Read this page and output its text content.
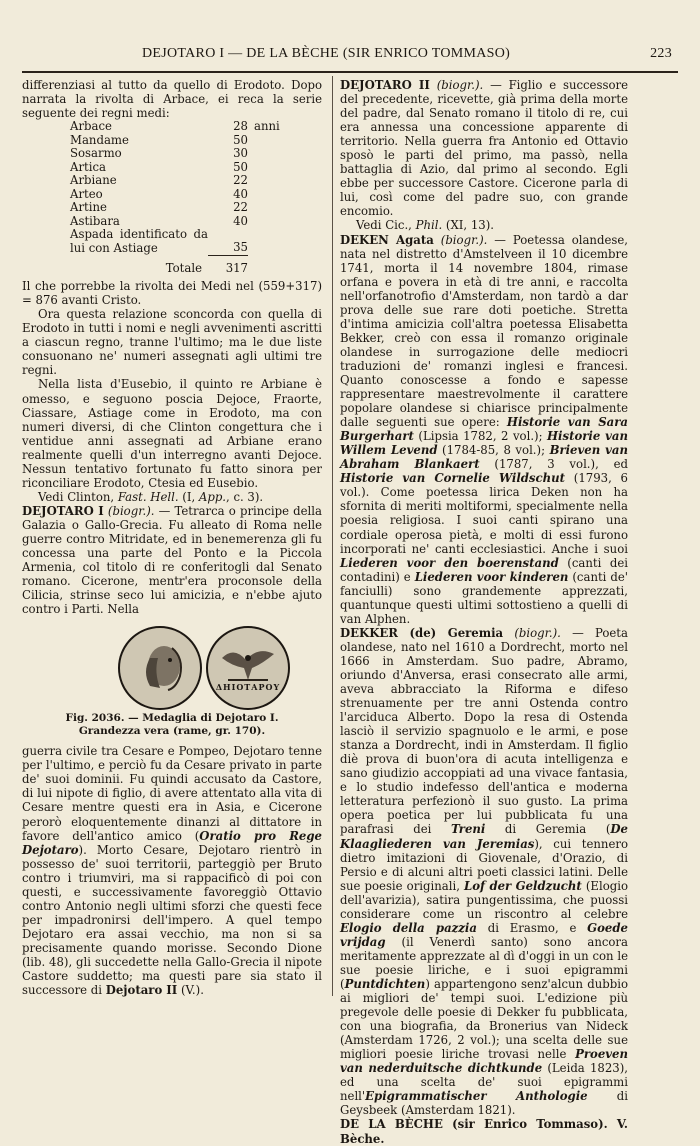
DEJOTARO I — DE LA BÈCHE (SIR ENRICO TOMMASO)	223

differenziasi al tutto da quello di Erodoto. Dopo narrata la rivolta di Arbace, ei reca la serie seguente dei regni medi:

Arbace	28	anni
Mandame	50	
Sosarmo	30	
Artica	50	
Arbiane	22	
Arteo	40	
Artine	22	
Astibara	40	
Aspada identificato da lui con Astiage	35	
Totale	317	

Il che porrebbe la rivolta dei Medi nel (559+317) = 876 avanti Cristo.

Ora questa relazione sconcorda con quella di Erodoto in tutti i nomi e negli avvenimenti ascritti a ciascun regno, tranne l'ultimo; ma le due liste consuonano ne' numeri assegnati agli ultimi tre regni.

Nella lista d'Eusebio, il quinto re Arbiane è omesso, e seguono poscia Dejoce, Fraorte, Ciassare, Astiage come in Erodoto, ma con numeri diversi, di che Clinton congettura che i ventidue anni assegnati ad Arbiane erano realmente quelli d'un interregno avanti Dejoce. Nessun tentativo fortunato fu fatto sinora per riconciliare Erodoto, Ctesia ed Eusebio.

Vedi Clinton, Fast. Hell. (I, App., c. 3).

DEJOTARO I (biogr.). — Tetrarca o principe della Galazia o Gallo-Grecia. Fu alleato di Roma nelle guerre contro Mitridate, ed in benemerenza gli fu concessa una parte del Ponto e la Piccola Armenia, col titolo di re conferitogli dal Senato romano. Cicerone, mentr'era proconsole della Cilicia, strinse seco lui amicizia, e n'ebbe ajuto contro i Parti. Nella

ΔΗΙΟΤΑΡΟΥ
Fig. 2036. — Medaglia di Dejotaro I.
Grandezza vera (rame, gr. 170).

guerra civile tra Cesare e Pompeo, Dejotaro tenne per l'ultimo, e perciò fu da Cesare privato in parte de' suoi dominii. Fu quindi accusato da Castore, di lui nipote di figlio, di avere attentato alla vita di Cesare mentre questi era in Asia, e Cicerone perorò eloquentemente dinanzi al dittatore in favore dell'antico amico (Oratio pro Rege Dejotaro). Morto Cesare, Dejotaro rientrò in possesso de' suoi territorii, parteggiò per Bruto contro i triumviri, ma si rappacificò di poi con questi, e successivamente favoreggiò Ottavio contro Antonio negli ultimi sforzi che questi fece per impadronirsi dell'impero. A quel tempo Dejotaro era assai vecchio, ma non si sa precisamente quando morisse. Secondo Dione (lib. 48), gli succedette nella Gallo-Grecia il nipote Castore suddetto; ma questi pare sia stato il successore di Dejotaro II (V.).

DEJOTARO II (biogr.). — Figlio e successore del precedente, ricevette, già prima della morte del padre, dal Senato romano il titolo di re, cui era annessa una concessione apparente di territorio. Nella guerra fra Antonio ed Ottavio sposò le parti del primo, ma passò, nella battaglia di Azio, dal primo al secondo. Egli ebbe per successore Castore. Cicerone parla di lui, così come del padre suo, con grande encomio.

Vedi Cic., Phil. (XI, 13).

DEKEN Agata (biogr.). — Poetessa olandese, nata nel distretto d'Amstelveen il 10 dicembre 1741, morta il 14 novembre 1804, rimase orfana e povera in età di tre anni, e raccolta nell'orfanotrofio d'Amsterdam, non tardò a dar prova delle sue rare doti poetiche. Stretta d'intima amicizia coll'altra poetessa Elisabetta Bekker, creò con essa il romanzo originale olandese in surrogazione delle mediocri traduzioni de' romanzi inglesi e francesi. Quanto conoscesse a fondo e sapesse rappresentare maestrevolmente il carattere popolare olandese si chiarisce principalmente dalle seguenti sue opere: Historie van Sara Burgerhart (Lipsia 1782, 2 vol.); Historie van Willem Levend (1784-85, 8 vol.); Brieven van Abraham Blankaert (1787, 3 vol.), ed Historie van Cornelie Wildschut (1793, 6 vol.). Come poetessa lirica Deken non ha sfornita di meriti moltiformi, specialmente nella poesia religiosa. I suoi canti spirano una cordiale operosa pietà, e molti di essi furono incorporati ne' canti ecclesiastici. Anche i suoi Liederen voor den boerenstand (canti dei contadini) e Liederen voor kinderen (canti de' fanciulli) sono grandemente apprezzati, quantunque questi ultimi sottostieno a quelli di van Alphen.

DEKKER (de) Geremia (biogr.). — Poeta olandese, nato nel 1610 a Dordrecht, morto nel 1666 in Amsterdam. Suo padre, Abramo, oriundo d'Anversa, erasi consecrato alle armi, aveva abbracciato la Riforma e difeso strenuamente per tre anni Ostenda contro l'arciduca Alberto. Dopo la resa di Ostenda lasciò il servizio spagnuolo e le armi, e pose stanza a Dordrecht, indi in Amsterdam. Il figlio diè prova di buon'ora di acuta intelligenza e sano giudizio accoppiati ad una vivace fantasia, e lo studio indefesso dell'antica e moderna letteratura perfezionò il suo gusto. La prima opera poetica per lui pubblicata fu una parafrasi dei Treni di Geremia (De Klaagliederen van Jeremias), cui tennero dietro imitazioni di Giovenale, d'Orazio, di Persio e di alcuni altri poeti classici latini. Delle sue poesie originali, Lof der Geldzucht (Elogio dell'avarizia), satira pungentissima, che puossi considerare come un riscontro al celebre Elogio della pazzia di Erasmo, e Goede vrijdag (il Venerdì santo) sono ancora meritamente apprezzate al dì d'oggi in un con le sue poesie liriche, e i suoi epigrammi (Puntdichten) appartengono senz'alcun dubbio ai migliori de' tempi suoi. L'edizione più pregevole delle poesie di Dekker fu pubblicata, con una biografia, da Bronerius van Nideck (Amsterdam 1726, 2 vol.); una scelta delle sue migliori poesie liriche trovasi nelle Proeven van nederduitsche dichtkunde (Leida 1823), ed una scelta de' suoi epigrammi nell'Epigrammatischer Anthologie di Geysbeek (Amsterdam 1821).

DE LA BÈCHE (sir Enrico Tommaso). V. Bèche.
